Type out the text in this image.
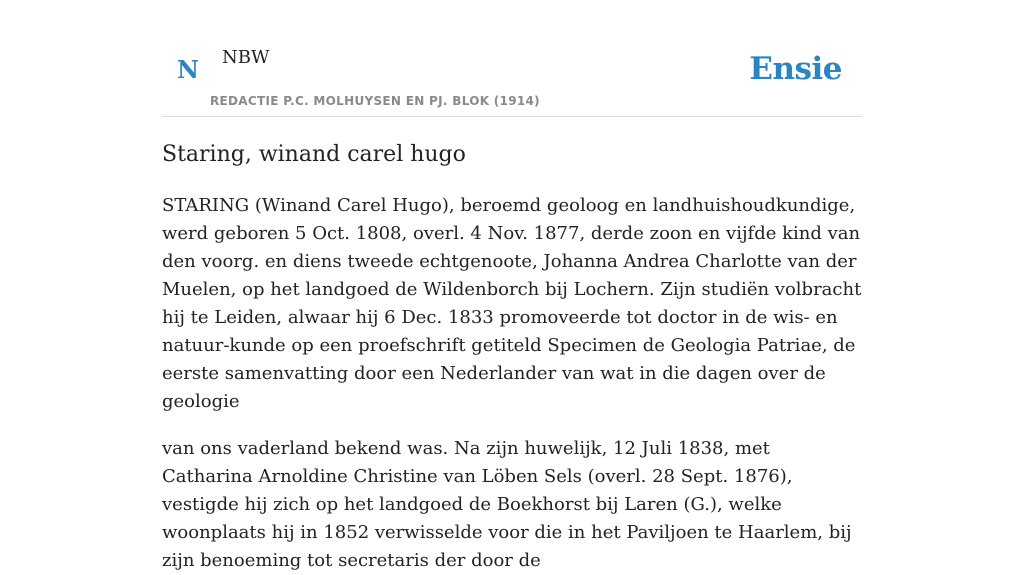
N NBW
REDACTIE P.C. MOLHUYSEN EN PJ. BLOK (1914)
Ensie
Staring, winand carel hugo

STARING (Winand Carel Hugo), beroemd geoloog en landhuishoudkundige, werd geboren 5 Oct. 1808, overl. 4 Nov. 1877, derde zoon en vijfde kind van den voorg. en diens tweede echtgenoote, Johanna Andrea Charlotte van der Muelen, op het landgoed de Wildenborch bij Lochern. Zijn studiën volbracht hij te Leiden, alwaar hij 6 Dec. 1833 promoveerde tot doctor in de wis- en natuur-kunde op een proefschrift getiteld Specimen de Geologia Patriae, de eerste samenvatting door een Nederlander van wat in die dagen over de geologie

van ons vaderland bekend was. Na zijn huwelijk, 12 Juli 1838, met Catharina Arnoldine Christine van Löben Sels (overl. 28 Sept. 1876), vestigde hij zich op het landgoed de Boekhorst bij Laren (G.), welke woonplaats hij in 1852 verwisselde voor die in het Paviljoen te Haarlem, bij zijn benoeming tot secretaris der door de
